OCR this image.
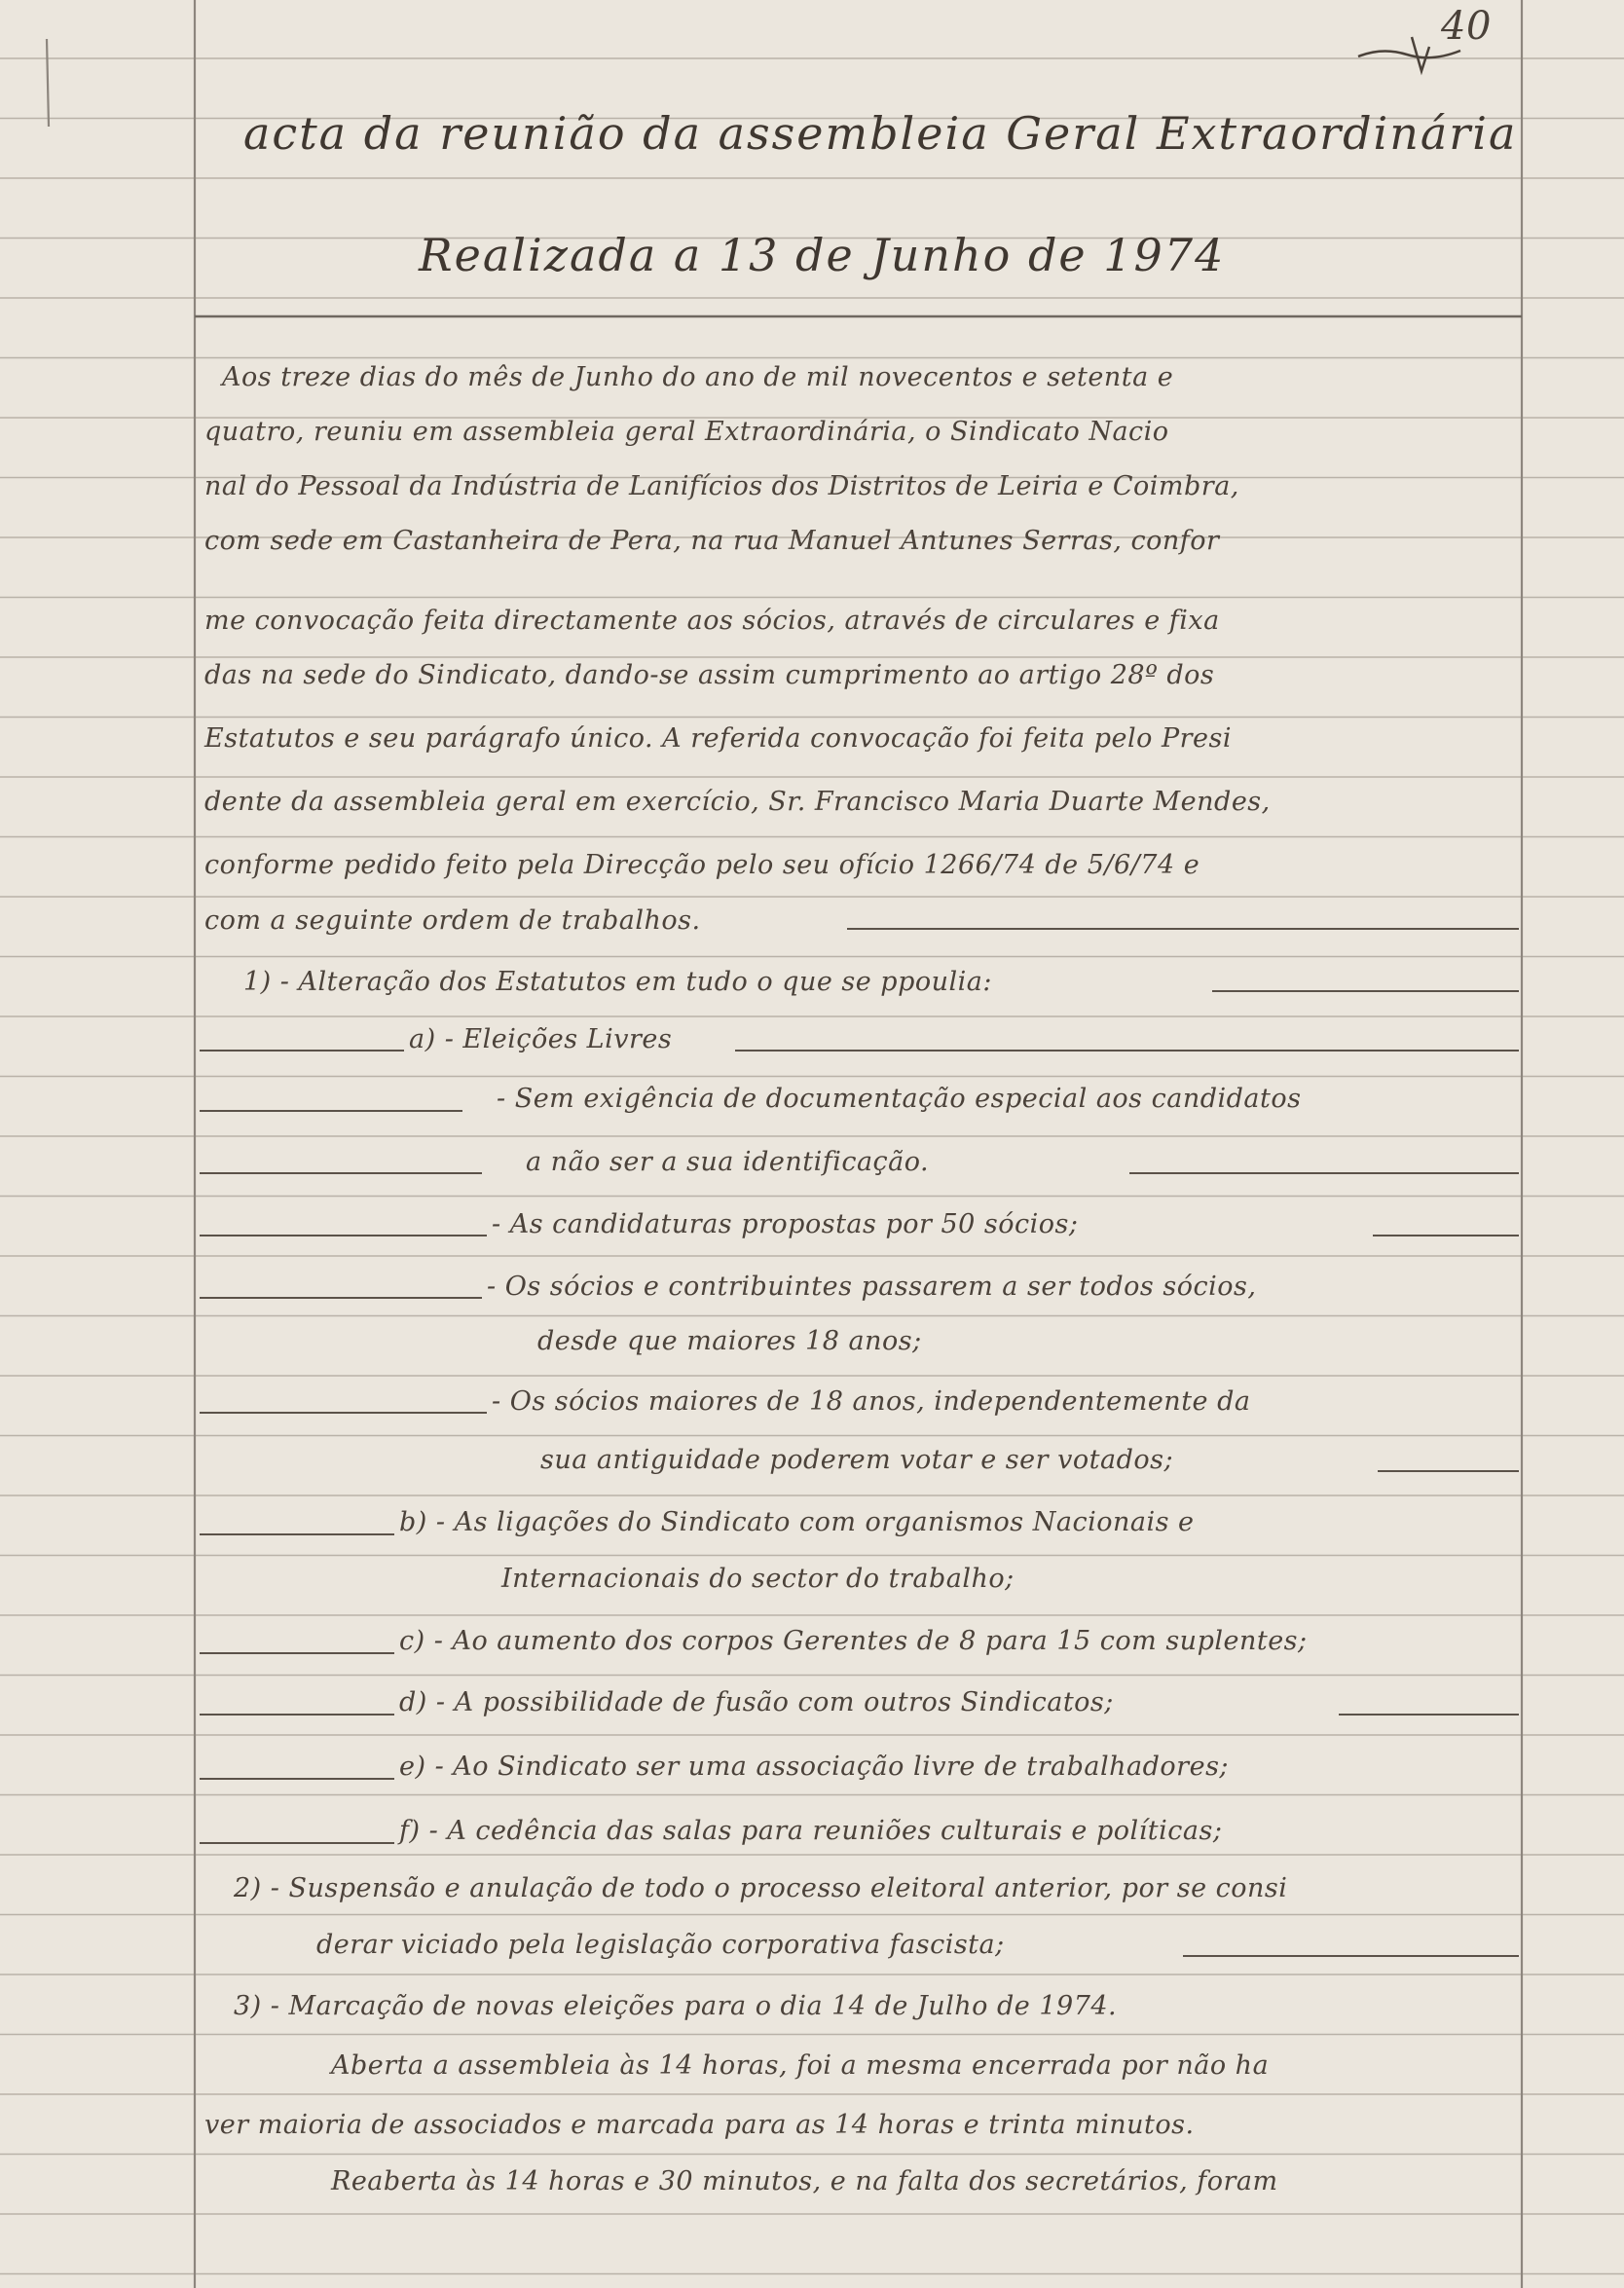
40
acta da reunião da assembleia Geral Extraordinária
Realizada a 13 de Junho de 1974
Aos treze dias do mês de Junho do ano de mil novecentos e setenta e
quatro, reuniu em assembleia geral Extraordinária, o Sindicato Nacio
nal do Pessoal da Indústria de Lanifícios dos Distritos de Leiria e Coimbra,
com sede em Castanheira de Pera, na rua Manuel Antunes Serras, confor
me convocação feita directamente aos sócios, através de circulares e fixa
das na sede do Sindicato, dando-se assim cumprimento ao artigo 28º dos
Estatutos e seu parágrafo único. A referida convocação foi feita pelo Presi
dente da assembleia geral em exercício, Sr. Francisco Maria Duarte Mendes,
conforme pedido feito pela Direcção pelo seu ofício 1266/74 de 5/6/74 e
com a seguinte ordem de trabalhos.
1) - Alteração dos Estatutos em tudo o que se ppoulia:
a) - Eleições Livres
- Sem exigência de documentação especial aos candidatos
a não ser a sua identificação.
- As candidaturas propostas por 50 sócios;
- Os sócios e contribuintes passarem a ser todos sócios,
desde que maiores 18 anos;
- Os sócios maiores de 18 anos, independentemente da
sua antiguidade poderem votar e ser votados;
b) - As ligações do Sindicato com organismos Nacionais e
Internacionais do sector do trabalho;
c) - Ao aumento dos corpos Gerentes de 8 para 15 com suplentes;
d) - A possibilidade de fusão com outros Sindicatos;
e) - Ao Sindicato ser uma associação livre de trabalhadores;
f) - A cedência das salas para reuniões culturais e políticas;
2) - Suspensão e anulação de todo o processo eleitoral anterior, por se consi
derar viciado pela legislação corporativa fascista;
3) - Marcação de novas eleições para o dia 14 de Julho de 1974.
Aberta a assembleia às 14 horas, foi a mesma encerrada por não ha
ver maioria de associados e marcada para as 14 horas e trinta minutos.
Reaberta às 14 horas e 30 minutos, e na falta dos secretários, foram
